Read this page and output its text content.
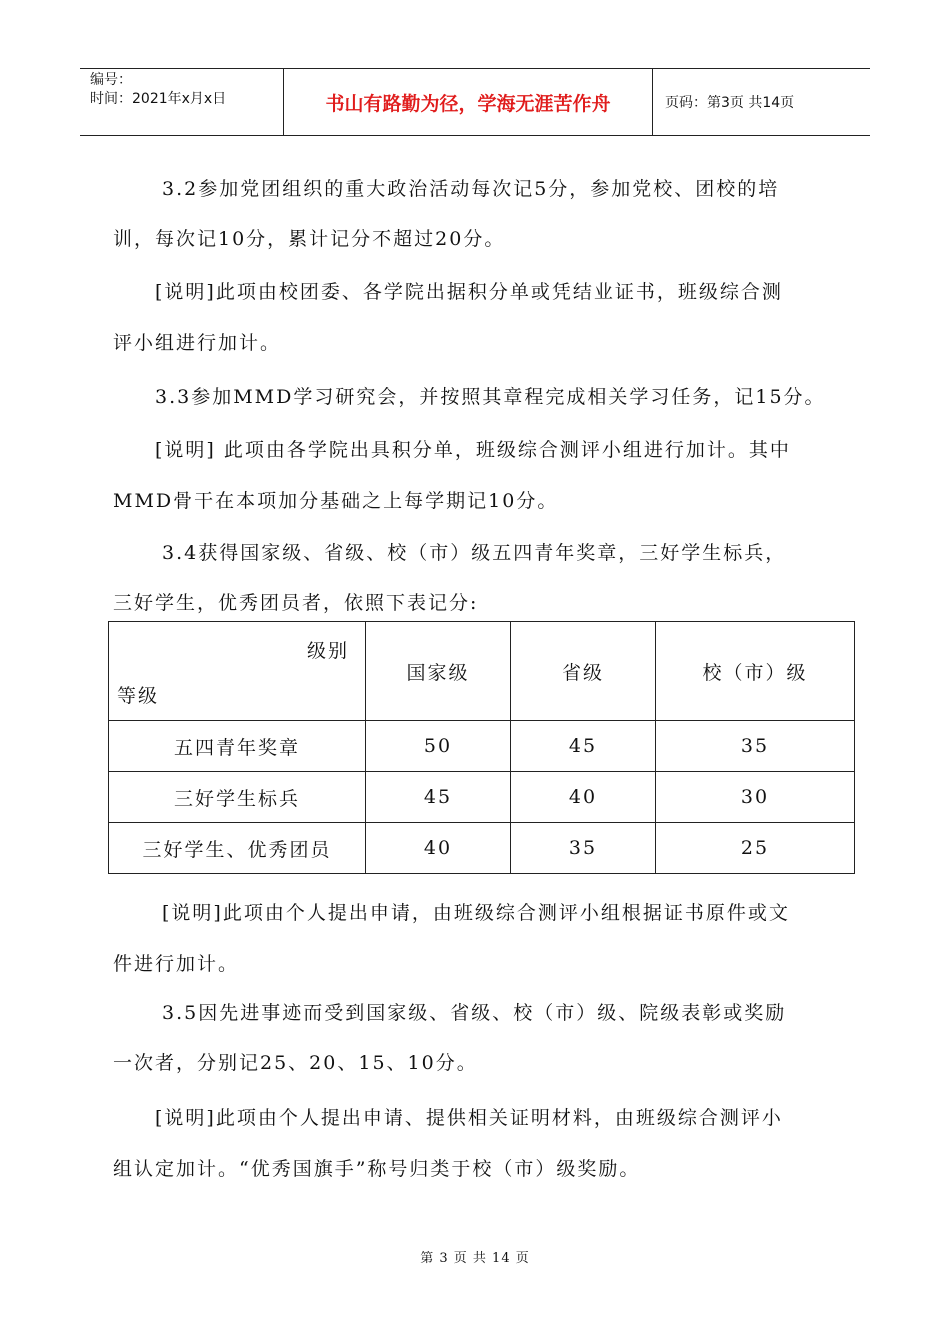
编号：
时间：2021年x月x日	书山有路勤为径，学海无涯苦作舟	页码：第3页 共14页
3.2参加党团组织的重大政治活动每次记5分，参加党校、团校的培
训，每次记10分，累计记分不超过20分。
[说明]此项由校团委、各学院出据积分单或凭结业证书，班级综合测
评小组进行加计。
3.3参加MMD学习研究会，并按照其章程完成相关学习任务，记15分。
[说明] 此项由各学院出具积分单，班级综合测评小组进行加计。其中
MMD骨干在本项加分基础之上每学期记10分。
3.4获得国家级、省级、校（市）级五四青年奖章，三好学生标兵，
三好学生，优秀团员者，依照下表记分:
级别
等级	国家级	省级	校（市）级
五四青年奖章	50	45	35
三好学生标兵	45	40	30
三好学生、优秀团员	40	35	25
[说明]此项由个人提出申请，由班级综合测评小组根据证书原件或文
件进行加计。
3.5因先进事迹而受到国家级、省级、校（市）级、院级表彰或奖励
一次者，分别记25、20、15、10分。
[说明]此项由个人提出申请、提供相关证明材料，由班级综合测评小
组认定加计。“优秀国旗手”称号归类于校（市）级奖励。
第 3 页 共 14 页
